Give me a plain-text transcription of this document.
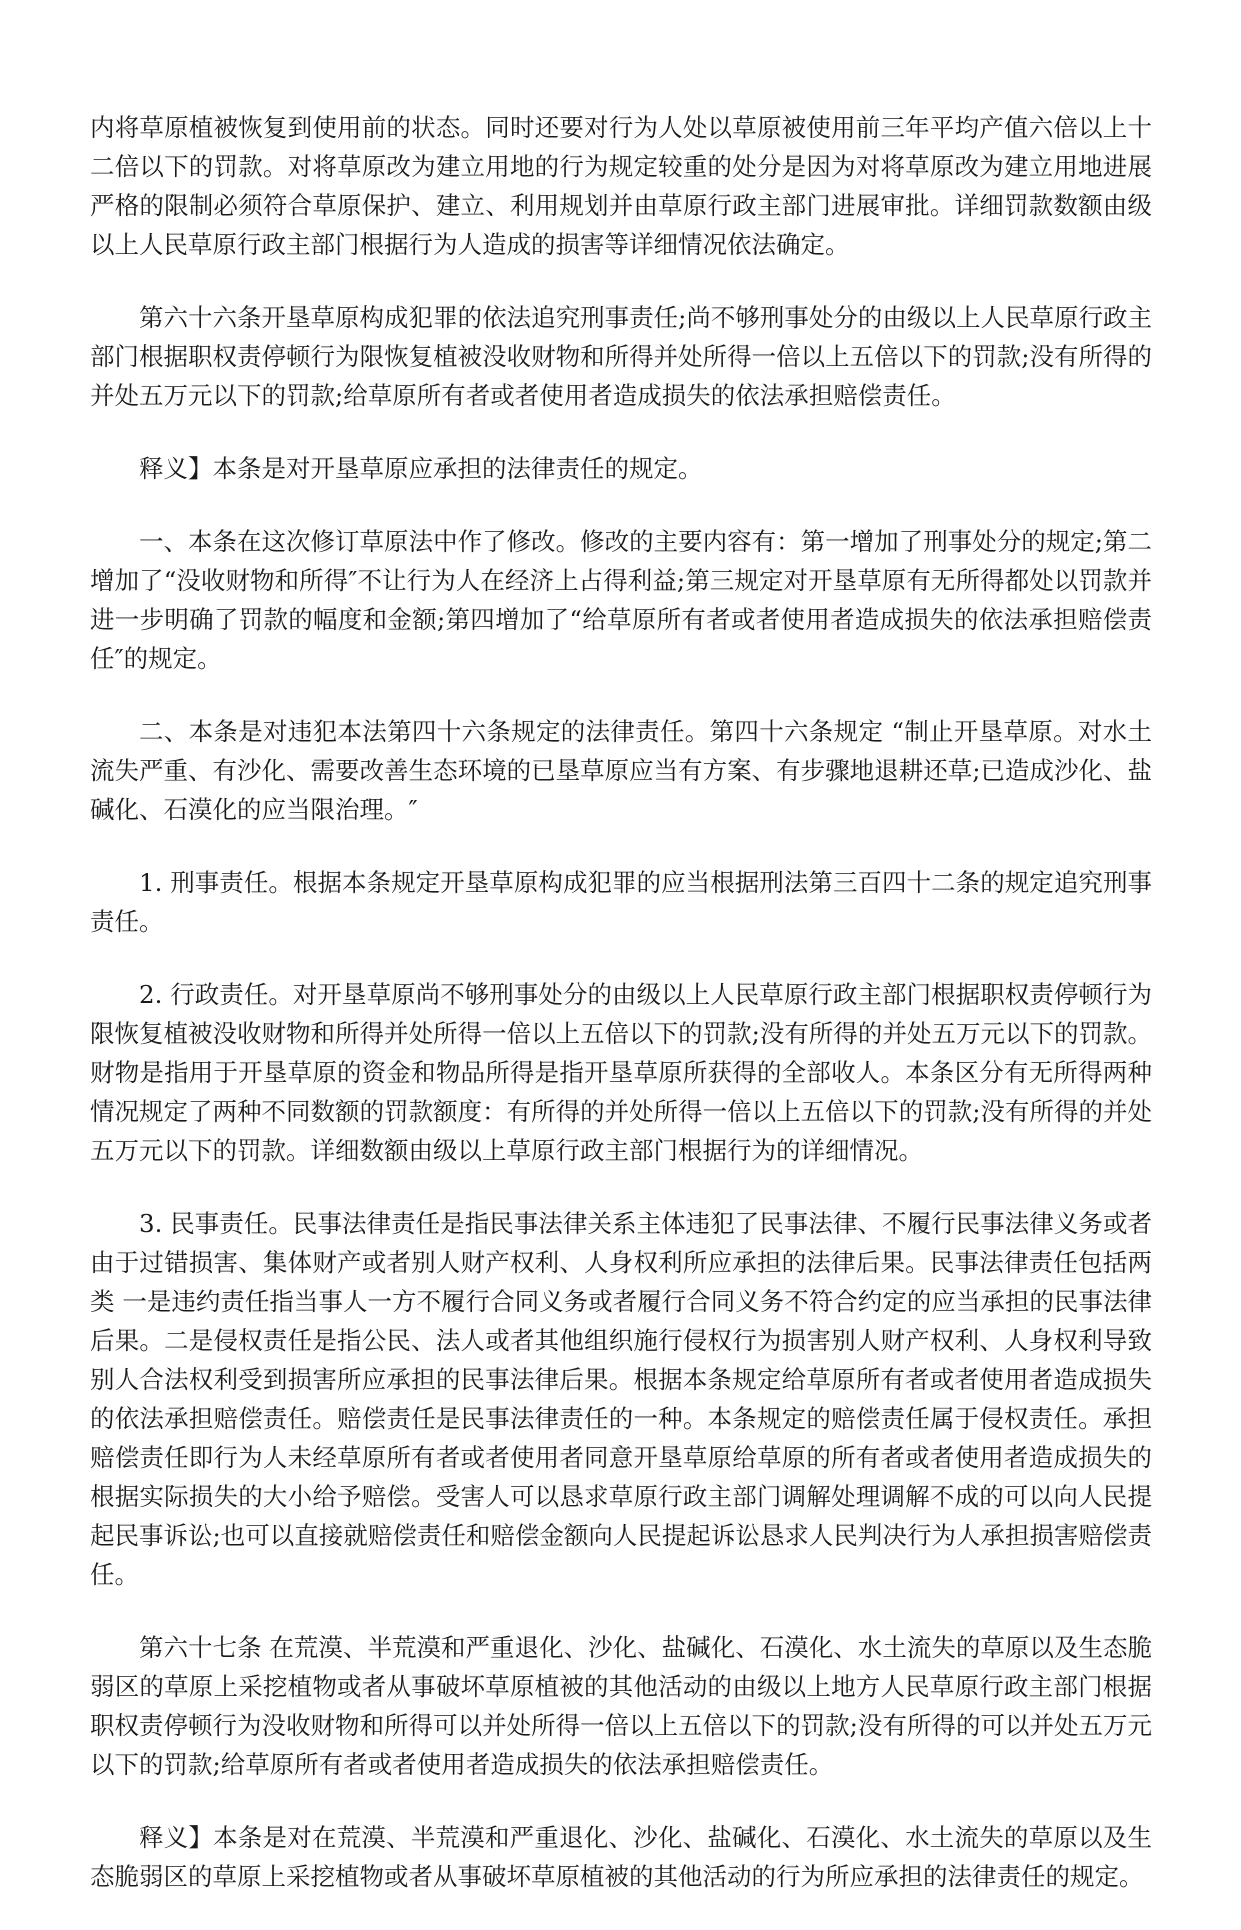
内将草原植被恢复到使用前的状态。同时还要对行为人处以草原被使用前三年平均产值六倍以上十二倍以下的罚款。对将草原改为建立用地的行为规定较重的处分是因为对将草原改为建立用地进展严格的限制必须符合草原保护、建立、利用规划并由草原行政主部门进展审批。详细罚款数额由级以上人民草原行政主部门根据行为人造成的损害等详细情况依法确定。

第六十六条开垦草原构成犯罪的依法追究刑事责任;尚不够刑事处分的由级以上人民草原行政主部门根据职权责停顿行为限恢复植被没收财物和所得并处所得一倍以上五倍以下的罚款;没有所得的并处五万元以下的罚款;给草原所有者或者使用者造成损失的依法承担赔偿责任。

释义】本条是对开垦草原应承担的法律责任的规定。

一、本条在这次修订草原法中作了修改。修改的主要内容有：第一增加了刑事处分的规定;第二增加了“没收财物和所得″不让行为人在经济上占得利益;第三规定对开垦草原有无所得都处以罚款并进一步明确了罚款的幅度和金额;第四增加了“给草原所有者或者使用者造成损失的依法承担赔偿责任″的规定。

二、本条是对违犯本法第四十六条规定的法律责任。第四十六条规定 “制止开垦草原。对水土流失严重、有沙化、需要改善生态环境的已垦草原应当有方案、有步骤地退耕还草;已造成沙化、盐碱化、石漠化的应当限治理。″

1. 刑事责任。根据本条规定开垦草原构成犯罪的应当根据刑法第三百四十二条的规定追究刑事责任。

2. 行政责任。对开垦草原尚不够刑事处分的由级以上人民草原行政主部门根据职权责停顿行为限恢复植被没收财物和所得并处所得一倍以上五倍以下的罚款;没有所得的并处五万元以下的罚款。财物是指用于开垦草原的资金和物品所得是指开垦草原所获得的全部收人。本条区分有无所得两种情况规定了两种不同数额的罚款额度：有所得的并处所得一倍以上五倍以下的罚款;没有所得的并处五万元以下的罚款。详细数额由级以上草原行政主部门根据行为的详细情况。

3. 民事责任。民事法律责任是指民事法律关系主体违犯了民事法律、不履行民事法律义务或者由于过错损害、集体财产或者别人财产权利、人身权利所应承担的法律后果。民事法律责任包括两类 一是违约责任指当事人一方不履行合同义务或者履行合同义务不符合约定的应当承担的民事法律后果。二是侵权责任是指公民、法人或者其他组织施行侵权行为损害别人财产权利、人身权利导致别人合法权利受到损害所应承担的民事法律后果。根据本条规定给草原所有者或者使用者造成损失的依法承担赔偿责任。赔偿责任是民事法律责任的一种。本条规定的赔偿责任属于侵权责任。承担赔偿责任即行为人未经草原所有者或者使用者同意开垦草原给草原的所有者或者使用者造成损失的根据实际损失的大小给予赔偿。受害人可以恳求草原行政主部门调解处理调解不成的可以向人民提起民事诉讼;也可以直接就赔偿责任和赔偿金额向人民提起诉讼恳求人民判决行为人承担损害赔偿责任。

第六十七条 在荒漠、半荒漠和严重退化、沙化、盐碱化、石漠化、水土流失的草原以及生态脆弱区的草原上采挖植物或者从事破坏草原植被的其他活动的由级以上地方人民草原行政主部门根据职权责停顿行为没收财物和所得可以并处所得一倍以上五倍以下的罚款;没有所得的可以并处五万元以下的罚款;给草原所有者或者使用者造成损失的依法承担赔偿责任。

释义】本条是对在荒漠、半荒漠和严重退化、沙化、盐碱化、石漠化、水土流失的草原以及生态脆弱区的草原上采挖植物或者从事破坏草原植被的其他活动的行为所应承担的法律责任的规定。
